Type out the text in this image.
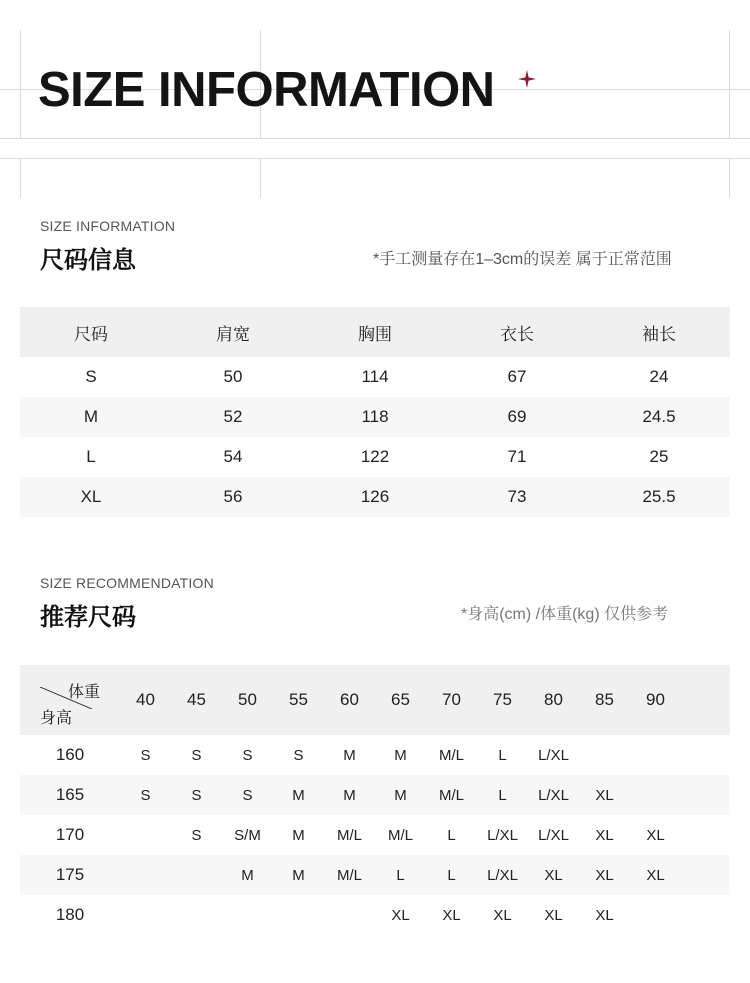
SIZE INFORMATION
SIZE INFORMATION
尺码信息	*手工测量存在1–3cm的误差 属于正常范围
尺码	肩宽	胸围	衣长	袖长
S	50	114	67	24
M	52	118	69	24.5
L	54	122	71	25
XL	56	126	73	25.5
SIZE RECOMMENDATION
推荐尺码	*身高(cm) /体重(kg) 仅供参考
体重
身高	40	45	50	55	60	65	70	75	80	85	90	
160	S	S	S	S	M	M	M/L	L	L/XL			
165	S	S	S	M	M	M	M/L	L	L/XL	XL		
170		S	S/M	M	M/L	M/L	L	L/XL	L/XL	XL	XL	
175			M	M	M/L	L	L	L/XL	XL	XL	XL	
180						XL	XL	XL	XL	XL		
